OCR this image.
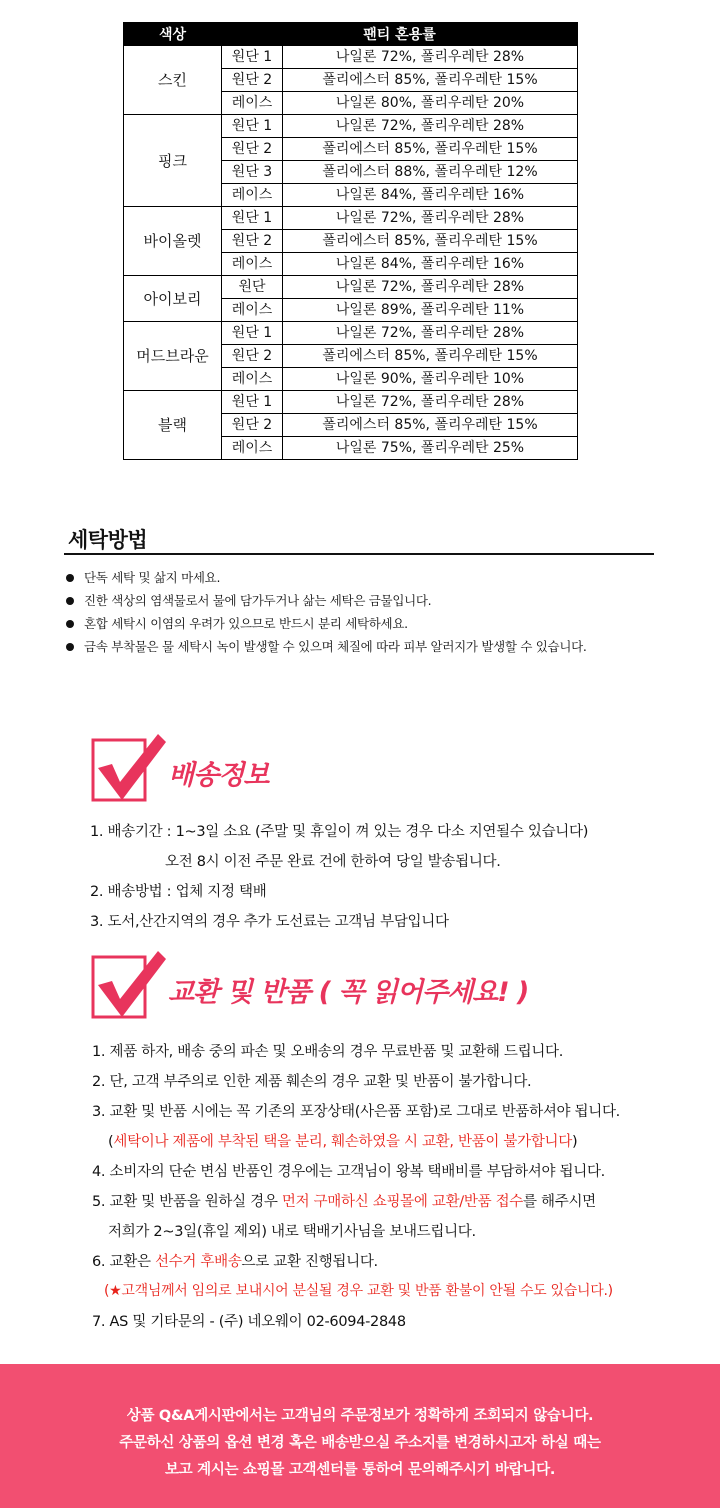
색상	팬티 혼용률	
스킨	원단 1	나일론 72%, 폴리우레탄 28%
	원단 2	폴리에스터 85%, 폴리우레탄 15%
	레이스	나일론 80%, 폴리우레탄 20%
핑크	원단 1	나일론 72%, 폴리우레탄 28%
	원단 2	폴리에스터 85%, 폴리우레탄 15%
	원단 3	폴리에스터 88%, 폴리우레탄 12%
	레이스	나일론 84%, 폴리우레탄 16%
바이올렛	원단 1	나일론 72%, 폴리우레탄 28%
	원단 2	폴리에스터 85%, 폴리우레탄 15%
	레이스	나일론 84%, 폴리우레탄 16%
아이보리	원단	나일론 72%, 폴리우레탄 28%
	레이스	나일론 89%, 폴리우레탄 11%
머드브라운	원단 1	나일론 72%, 폴리우레탄 28%
	원단 2	폴리에스터 85%, 폴리우레탄 15%
	레이스	나일론 90%, 폴리우레탄 10%
블랙	원단 1	나일론 72%, 폴리우레탄 28%
	원단 2	폴리에스터 85%, 폴리우레탄 15%
	레이스	나일론 75%, 폴리우레탄 25%
세탁방법
단독 세탁 및 삶지 마세요.
진한 색상의 염색물로서 물에 담가두거나 삶는 세탁은 금물입니다.
혼합 세탁시 이염의 우려가 있으므로 반드시 분리 세탁하세요.
금속 부착물은 물 세탁시 녹이 발생할 수 있으며 체질에 따라 피부 알러지가 발생할 수 있습니다.
배송정보
1. 배송기간 : 1~3일 소요 (주말 및 휴일이 껴 있는 경우 다소 지연될수 있습니다)
오전 8시 이전 주문 완료 건에 한하여 당일 발송됩니다.
2. 배송방법 : 업체 지정 택배
3. 도서,산간지역의 경우 추가 도선료는 고객님 부담입니다
교환 및 반품 ( 꼭 읽어주세요! )
1. 제품 하자, 배송 중의 파손 및 오배송의 경우 무료반품 및 교환해 드립니다.
2. 단, 고객 부주의로 인한 제품 훼손의 경우 교환 및 반품이 불가합니다.
3. 교환 및 반품 시에는 꼭 기존의 포장상태(사은품 포함)로 그대로 반품하셔야 됩니다.
(세탁이나 제품에 부착된 택을 분리, 훼손하였을 시 교환, 반품이 불가합니다)
4. 소비자의 단순 변심 반품인 경우에는 고객님이 왕복 택배비를 부담하셔야 됩니다.
5. 교환 및 반품을 원하실 경우 먼저 구매하신 쇼핑몰에 교환/반품 접수를 해주시면
저희가 2~3일(휴일 제외) 내로 택배기사님을 보내드립니다.
6. 교환은 선수거 후배송으로 교환 진행됩니다.
(★고객님께서 임의로 보내시어 분실될 경우 교환 및 반품 환불이 안될 수도 있습니다.)
7. AS 및 기타문의 - (주) 네오웨이 02-6094-2848
상품 Q&A게시판에서는 고객님의 주문정보가 정확하게 조회되지 않습니다.
주문하신 상품의 옵션 변경 혹은 배송받으실 주소지를 변경하시고자 하실 때는
보고 계시는 쇼핑몰 고객센터를 통하여 문의해주시기 바랍니다.
